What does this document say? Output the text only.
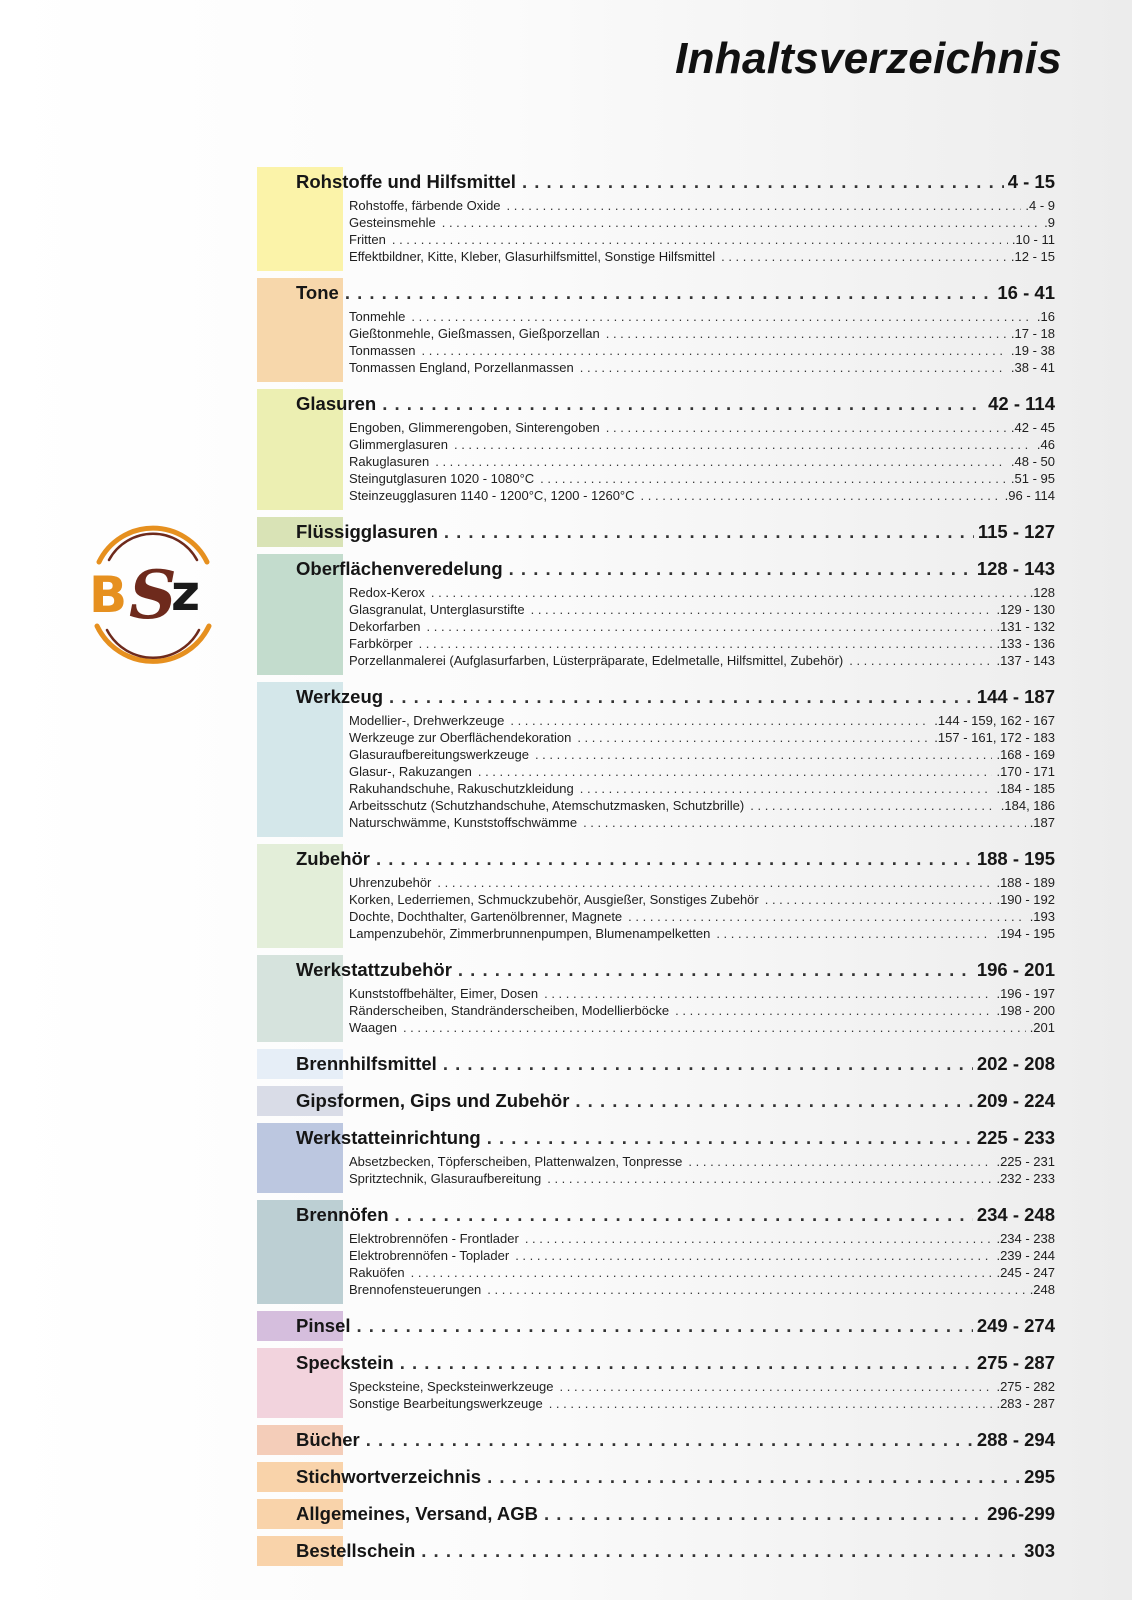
Inhaltsverzeichnis
B S
z
Rohstoffe und Hilfsmittel . . .	4 - 15
Rohstoffe, färbende Oxide . . .	.4 - 9
Gesteinsmehle . . .	.9
Fritten . . .	.10 - 11
Effektbildner, Kitte, Kleber, Glasurhilfsmittel, Sonstige Hilfsmittel . . .	.12 - 15
Tone . . .	16 - 41
Tonmehle . . .	.16
Gießtonmehle, Gießmassen, Gießporzellan . . .	.17 - 18
Tonmassen . . .	.19 - 38
Tonmassen England, Porzellanmassen . . .	.38 - 41
Glasuren . . .	42 - 114
Engoben, Glimmerengoben, Sinterengoben . . .	.42 - 45
Glimmerglasuren . . .	.46
Rakuglasuren . . .	.48 - 50
Steingutglasuren 1020 - 1080°C . . .	.51 - 95
Steinzeugglasuren 1140 - 1200°C, 1200 - 1260°C . . .	.96 - 114
Flüssigglasuren . . .	115 - 127
Oberflächenveredelung . . .	128 - 143
Redox-Kerox . . .	.128
Glasgranulat, Unterglasurstifte . . .	.129 - 130
Dekorfarben . . .	.131 - 132
Farbkörper . . .	.133 - 136
Porzellanmalerei (Aufglasurfarben, Lüsterpräparate, Edelmetalle, Hilfsmittel, Zubehör) . . .	.137 - 143
Werkzeug . . .	144 - 187
Modellier-, Drehwerkzeuge . . .	.144 - 159, 162 - 167
Werkzeuge zur Oberflächendekoration . . .	.157 - 161, 172 - 183
Glasuraufbereitungswerkzeuge . . .	.168 - 169
Glasur-, Rakuzangen . . .	.170 - 171
Rakuhandschuhe, Rakuschutzkleidung . . .	.184 - 185
Arbeitsschutz (Schutzhandschuhe, Atemschutzmasken, Schutzbrille) . . .	.184, 186
Naturschwämme, Kunststoffschwämme . . .	.187
Zubehör . . .	188 - 195
Uhrenzubehör . . .	.188 - 189
Korken, Lederriemen, Schmuckzubehör, Ausgießer, Sonstiges Zubehör . . .	.190 - 192
Dochte, Dochthalter, Gartenölbrenner, Magnete . . .	.193
Lampenzubehör, Zimmerbrunnenpumpen, Blumenampelketten . . .	.194 - 195
Werkstattzubehör . . .	196 - 201
Kunststoffbehälter, Eimer, Dosen . . .	.196 - 197
Ränderscheiben, Standränderscheiben, Modellierböcke . . .	.198 - 200
Waagen . . .	.201
Brennhilfsmittel . . .	202 - 208
Gipsformen, Gips und Zubehör . . .	209 - 224
Werkstatteinrichtung . . .	225 - 233
Absetzbecken, Töpferscheiben, Plattenwalzen, Tonpresse . . .	.225 - 231
Spritztechnik, Glasuraufbereitung . . .	.232 - 233
Brennöfen . . .	234 - 248
Elektrobrennöfen - Frontlader . . .	.234 - 238
Elektrobrennöfen - Toplader . . .	.239 - 244
Rakuöfen . . .	.245 - 247
Brennofensteuerungen . . .	.248
Pinsel . . .	249 - 274
Speckstein . . .	275 - 287
Specksteine, Specksteinwerkzeuge . . .	.275 - 282
Sonstige Bearbeitungswerkzeuge . . .	.283 - 287
Bücher . . .	288 - 294
Stichwortverzeichnis . . .	295
Allgemeines, Versand, AGB . . .	296-299
Bestellschein . . .	303
